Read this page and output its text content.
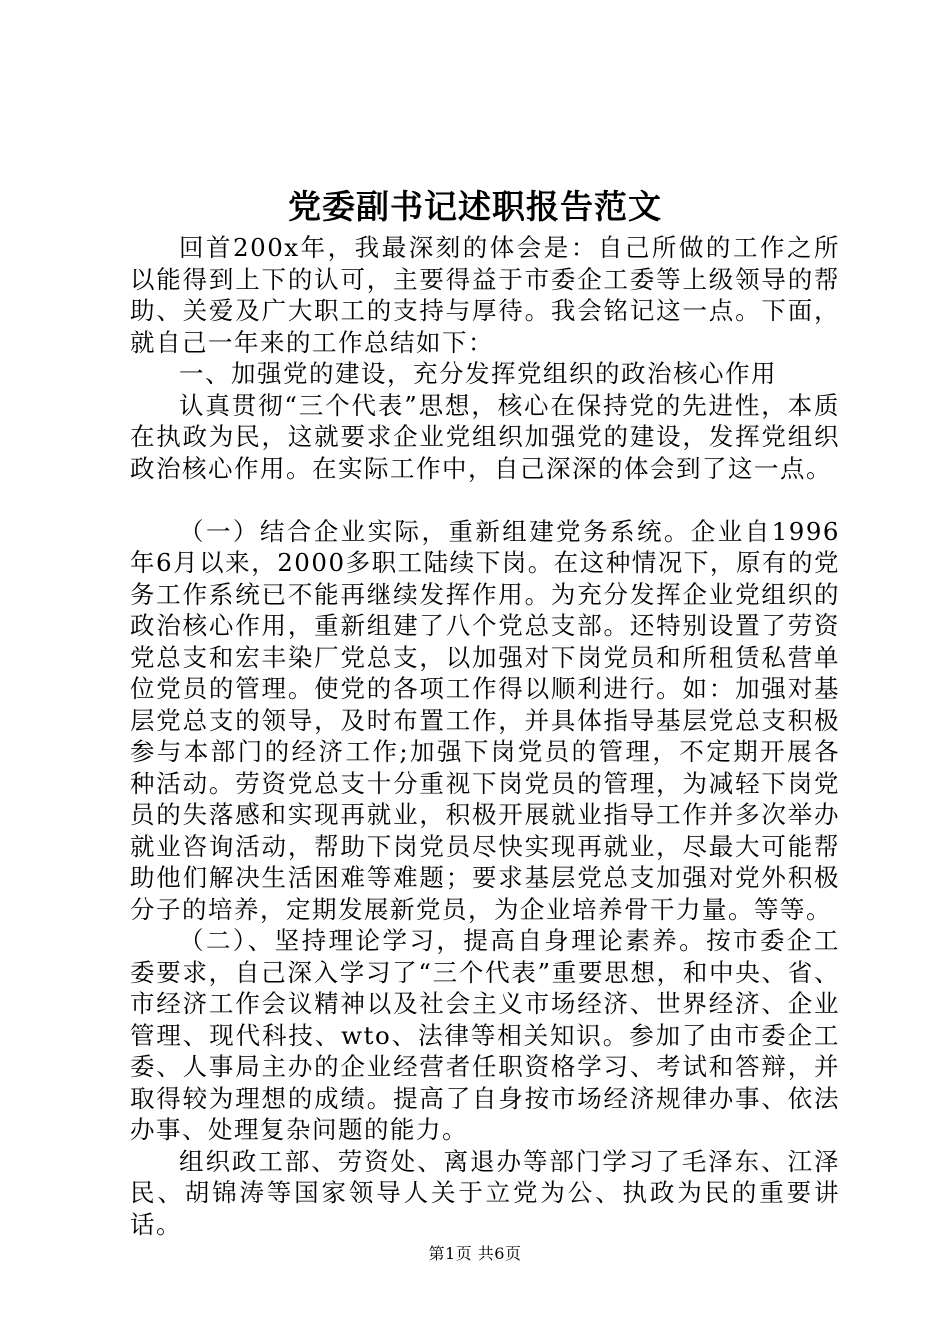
党委副书记述职报告范文

回首200x年，我最深刻的体会是：自己所做的工作之所以能得到上下的认可，主要得益于市委企工委等上级领导的帮助、关爱及广大职工的支持与厚待。我会铭记这一点。下面，就自己一年来的工作总结如下：

一、加强党的建设，充分发挥党组织的政治核心作用

认真贯彻“三个代表”思想，核心在保持党的先进性，本质在执政为民，这就要求企业党组织加强党的建设，发挥党组织政治核心作用。在实际工作中，自己深深的体会到了这一点。

（一）结合企业实际，重新组建党务系统。企业自1996年6月以来，2000多职工陆续下岗。在这种情况下，原有的党务工作系统已不能再继续发挥作用。为充分发挥企业党组织的政治核心作用，重新组建了八个党总支部。还特别设置了劳资党总支和宏丰染厂党总支，以加强对下岗党员和所租赁私营单位党员的管理。使党的各项工作得以顺利进行。如：加强对基层党总支的领导，及时布置工作，并具体指导基层党总支积极参与本部门的经济工作;加强下岗党员的管理，不定期开展各种活动。劳资党总支十分重视下岗党员的管理，为减轻下岗党员的失落感和实现再就业，积极开展就业指导工作并多次举办就业咨询活动，帮助下岗党员尽快实现再就业，尽最大可能帮助他们解决生活困难等难题；要求基层党总支加强对党外积极分子的培养，定期发展新党员，为企业培养骨干力量。等等。

（二）、坚持理论学习，提高自身理论素养。按市委企工委要求，自己深入学习了“三个代表”重要思想，和中央、省、市经济工作会议精神以及社会主义市场经济、世界经济、企业管理、现代科技、wto、法律等相关知识。参加了由市委企工委、人事局主办的企业经营者任职资格学习、考试和答辩，并取得较为理想的成绩。提高了自身按市场经济规律办事、依法办事、处理复杂问题的能力。

组织政工部、劳资处、离退办等部门学习了毛泽东、江泽民、胡锦涛等国家领导人关于立党为公、执政为民的重要讲话。

第1页 共6页
